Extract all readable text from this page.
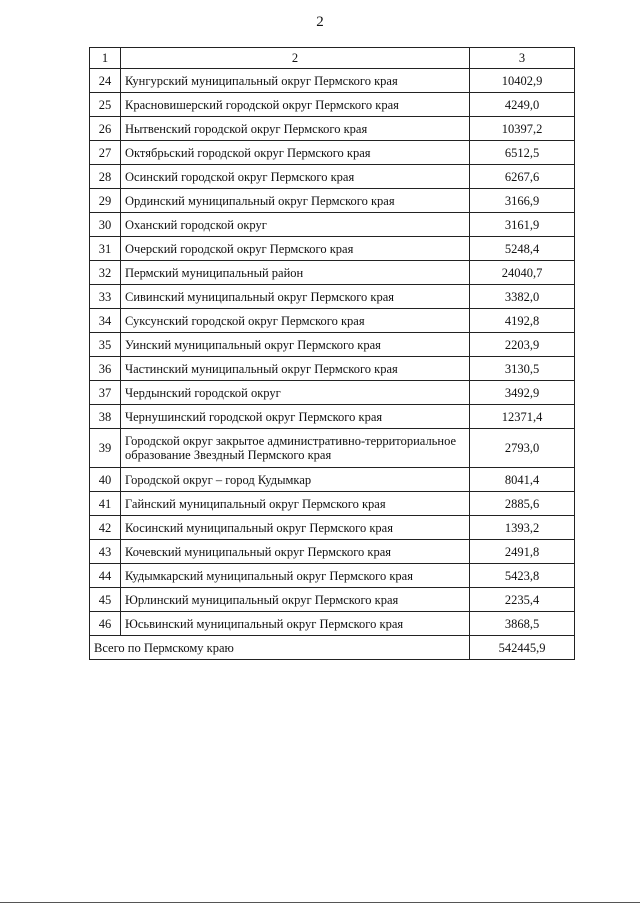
2
1	2	3
24	Кунгурский муниципальный округ Пермского края	10402,9
25	Красновишерский городской округ Пермского края	4249,0
26	Нытвенский городской округ Пермского края	10397,2
27	Октябрьский городской округ Пермского края	6512,5
28	Осинский городской округ Пермского края	6267,6
29	Ординский муниципальный округ Пермского края	3166,9
30	Оханский городской округ	3161,9
31	Очерский городской округ Пермского края	5248,4
32	Пермский муниципальный район	24040,7
33	Сивинский муниципальный округ Пермского края	3382,0
34	Суксунский городской округ Пермского края	4192,8
35	Уинский муниципальный округ Пермского края	2203,9
36	Частинский муниципальный округ Пермского края	3130,5
37	Чердынский городской округ	3492,9
38	Чернушинский городской округ Пермского края	12371,4
39	Городской округ закрытое административно-территориальное образование Звездный Пермского края	2793,0
40	Городской округ – город Кудымкар	8041,4
41	Гайнский муниципальный округ Пермского края	2885,6
42	Косинский муниципальный округ Пермского края	1393,2
43	Кочевский муниципальный округ Пермского края	2491,8
44	Кудымкарский муниципальный округ Пермского края	5423,8
45	Юрлинский муниципальный округ Пермского края	2235,4
46	Юсьвинский муниципальный округ Пермского края	3868,5
Всего по Пермскому краю		542445,9
